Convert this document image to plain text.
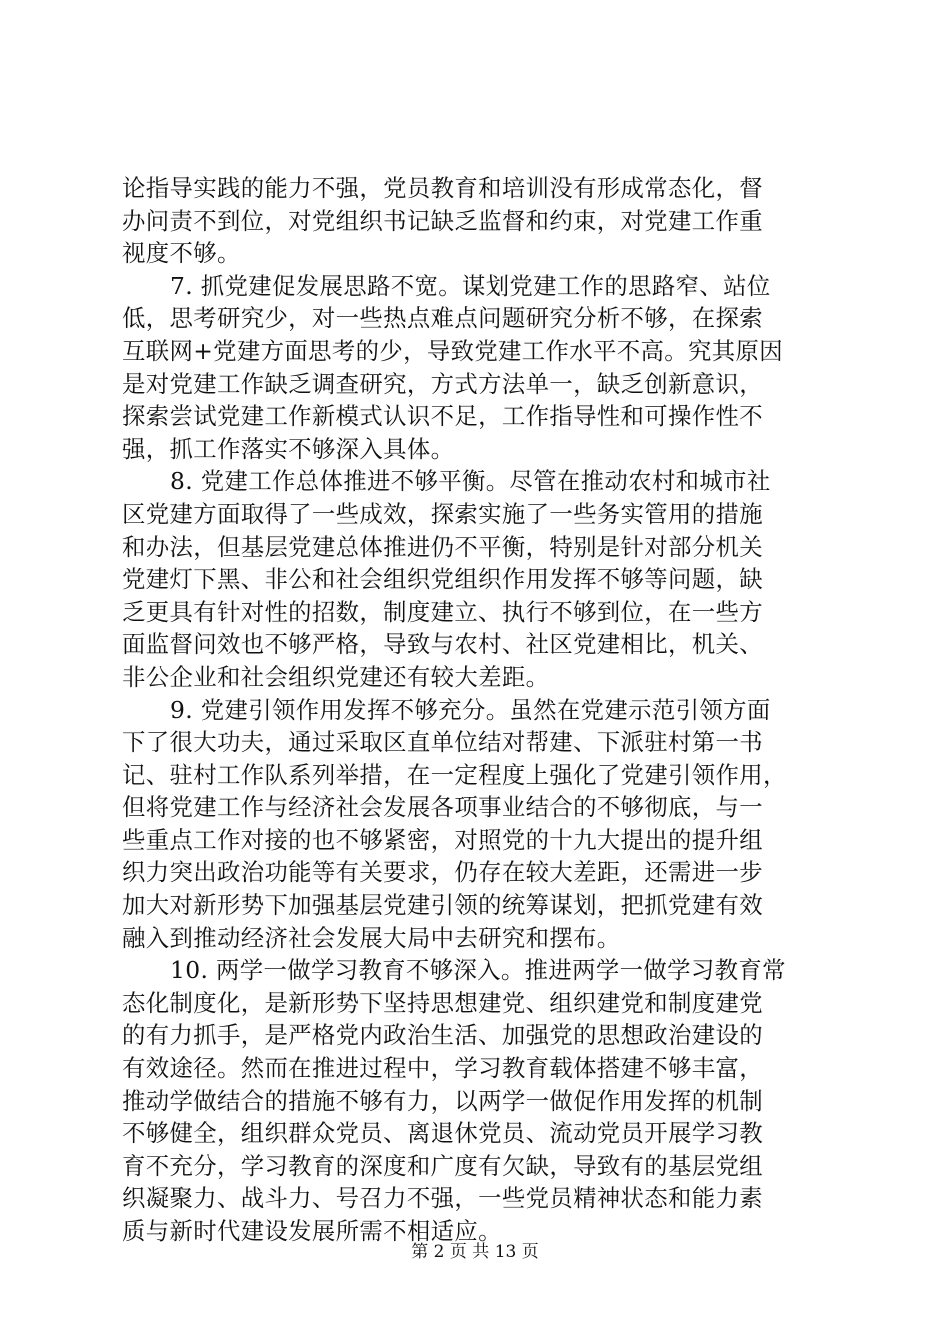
论指导实践的能力不强，党员教育和培训没有形成常态化，督
办问责不到位，对党组织书记缺乏监督和约束，对党建工作重
视度不够。
7. 抓党建促发展思路不宽。谋划党建工作的思路窄、站位
低，思考研究少，对一些热点难点问题研究分析不够，在探索
互联网+党建方面思考的少，导致党建工作水平不高。究其原因
是对党建工作缺乏调查研究，方式方法单一，缺乏创新意识，
探索尝试党建工作新模式认识不足，工作指导性和可操作性不
强，抓工作落实不够深入具体。
8. 党建工作总体推进不够平衡。尽管在推动农村和城市社
区党建方面取得了一些成效，探索实施了一些务实管用的措施
和办法，但基层党建总体推进仍不平衡，特别是针对部分机关
党建灯下黑、非公和社会组织党组织作用发挥不够等问题，缺
乏更具有针对性的招数，制度建立、执行不够到位，在一些方
面监督问效也不够严格，导致与农村、社区党建相比，机关、
非公企业和社会组织党建还有较大差距。
9. 党建引领作用发挥不够充分。虽然在党建示范引领方面
下了很大功夫，通过采取区直单位结对帮建、下派驻村第一书
记、驻村工作队系列举措，在一定程度上强化了党建引领作用，
但将党建工作与经济社会发展各项事业结合的不够彻底，与一
些重点工作对接的也不够紧密，对照党的十九大提出的提升组
织力突出政治功能等有关要求，仍存在较大差距，还需进一步
加大对新形势下加强基层党建引领的统筹谋划，把抓党建有效
融入到推动经济社会发展大局中去研究和摆布。
10. 两学一做学习教育不够深入。推进两学一做学习教育常
态化制度化，是新形势下坚持思想建党、组织建党和制度建党
的有力抓手，是严格党内政治生活、加强党的思想政治建设的
有效途径。然而在推进过程中，学习教育载体搭建不够丰富，
推动学做结合的措施不够有力，以两学一做促作用发挥的机制
不够健全，组织群众党员、离退休党员、流动党员开展学习教
育不充分，学习教育的深度和广度有欠缺，导致有的基层党组
织凝聚力、战斗力、号召力不强，一些党员精神状态和能力素
质与新时代建设发展所需不相适应。
第 2 页 共 13 页
